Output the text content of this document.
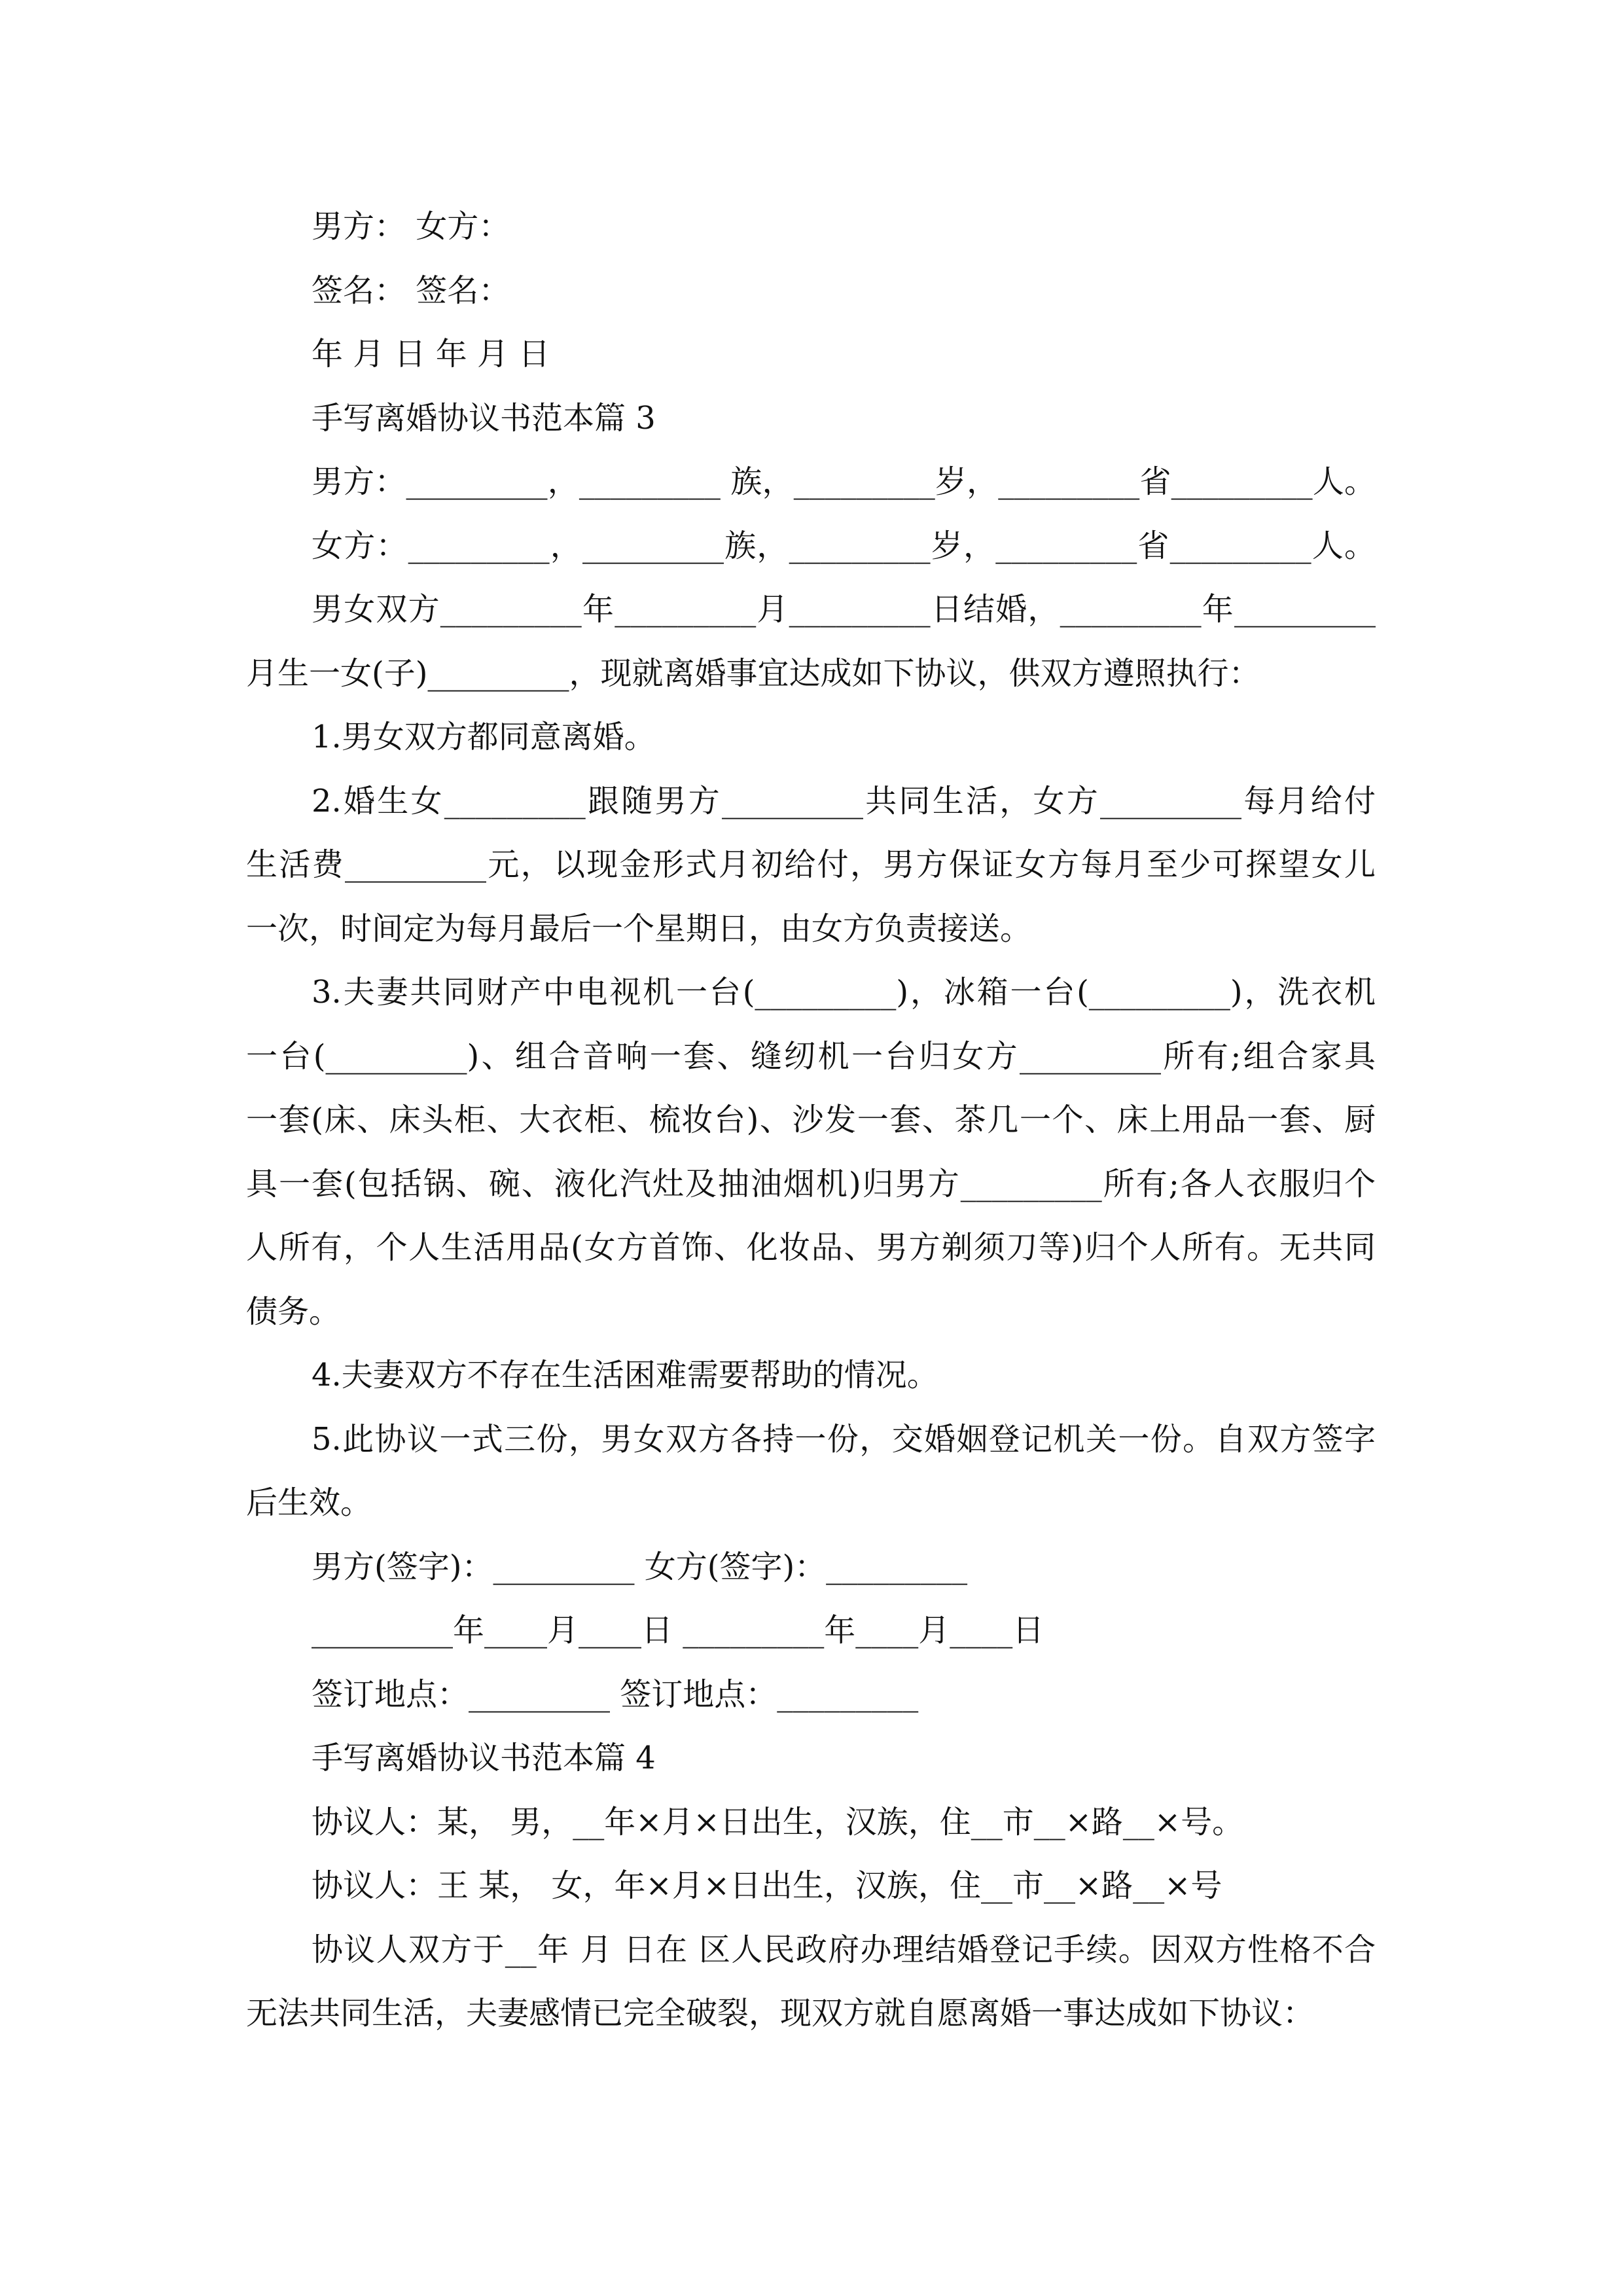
男方： 女方：
签名： 签名：
年 月 日 年 月 日
手写离婚协议书范本篇 3
男方：_________，_________ 族，_________岁，_________省_________人。
女方：_________，_________族，_________岁，_________省_________人。
男女双方_________年_________月_________日结婚，_________年_________
月生一女(子)_________，现就离婚事宜达成如下协议，供双方遵照执行：
1.男女双方都同意离婚。
2.婚生女_________跟随男方_________共同生活，女方_________每月给付
生活费_________元，以现金形式月初给付，男方保证女方每月至少可探望女儿
一次，时间定为每月最后一个星期日，由女方负责接送。
3.夫妻共同财产中电视机一台(_________)，冰箱一台(_________)，洗衣机
一台(_________)、组合音响一套、缝纫机一台归女方_________所有;组合家具
一套(床、床头柜、大衣柜、梳妆台)、沙发一套、茶几一个、床上用品一套、厨
具一套(包括锅、碗、液化汽灶及抽油烟机)归男方_________所有;各人衣服归个
人所有，个人生活用品(女方首饰、化妆品、男方剃须刀等)归个人所有。无共同
债务。
4.夫妻双方不存在生活困难需要帮助的情况。
5.此协议一式三份，男女双方各持一份，交婚姻登记机关一份。自双方签字
后生效。
男方(签字)：_________ 女方(签字)：_________
_________年____月____日 _________年____月____日
签订地点：_________ 签订地点：_________
手写离婚协议书范本篇 4
协议人：某， 男，__年×月×日出生，汉族，住__市__×路__×号。
协议人：王 某， 女，年×月×日出生，汉族，住__市__×路__×号
协议人双方于__年 月 日在 区人民政府办理结婚登记手续。因双方性格不合
无法共同生活，夫妻感情已完全破裂，现双方就自愿离婚一事达成如下协议：
